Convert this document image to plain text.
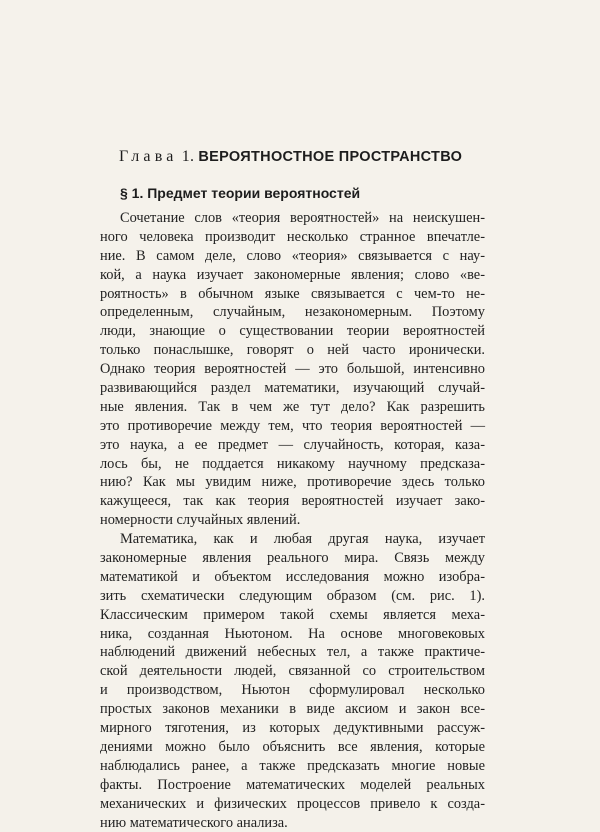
Глава 1. ВЕРОЯТНОСТНОЕ ПРОСТРАНСТВО
§ 1. Предмет теории вероятностей
Сочетание слов «теория вероятностей» на неискушен-
ного человека производит несколько странное впечатле-
ние. В самом деле, слово «теория» связывается с нау-
кой, а наука изучает закономерные явления; слово «ве-
роятность» в обычном языке связывается с чем-то не-
определенным, случайным, незакономерным. Поэтому
люди, знающие о существовании теории вероятностей
только понаслышке, говорят о ней часто иронически.
Однако теория вероятностей — это большой, интенсивно
развивающийся раздел математики, изучающий случай-
ные явления. Так в чем же тут дело? Как разрешить
это противоречие между тем, что теория вероятностей —
это наука, а ее предмет — случайность, которая, каза-
лось бы, не поддается никакому научному предсказа-
нию? Как мы увидим ниже, противоречие здесь только
кажущееся, так как теория вероятностей изучает зако-
номерности случайных явлений.
Математика, как и любая другая наука, изучает
закономерные явления реального мира. Связь между
математикой и объектом исследования можно изобра-
зить схематически следующим образом (см. рис. 1).
Классическим примером такой схемы является меха-
ника, созданная Ньютоном. На основе многовековых
наблюдений движений небесных тел, а также практиче-
ской деятельности людей, связанной со строительством
и производством, Ньютон сформулировал несколько
простых законов механики в виде аксиом и закон все-
мирного тяготения, из которых дедуктивными рассуж-
дениями можно было объяснить все явления, которые
наблюдались ранее, а также предсказать многие новые
факты. Построение математических моделей реальных
механических и физических процессов привело к созда-
нию математического анализа.
